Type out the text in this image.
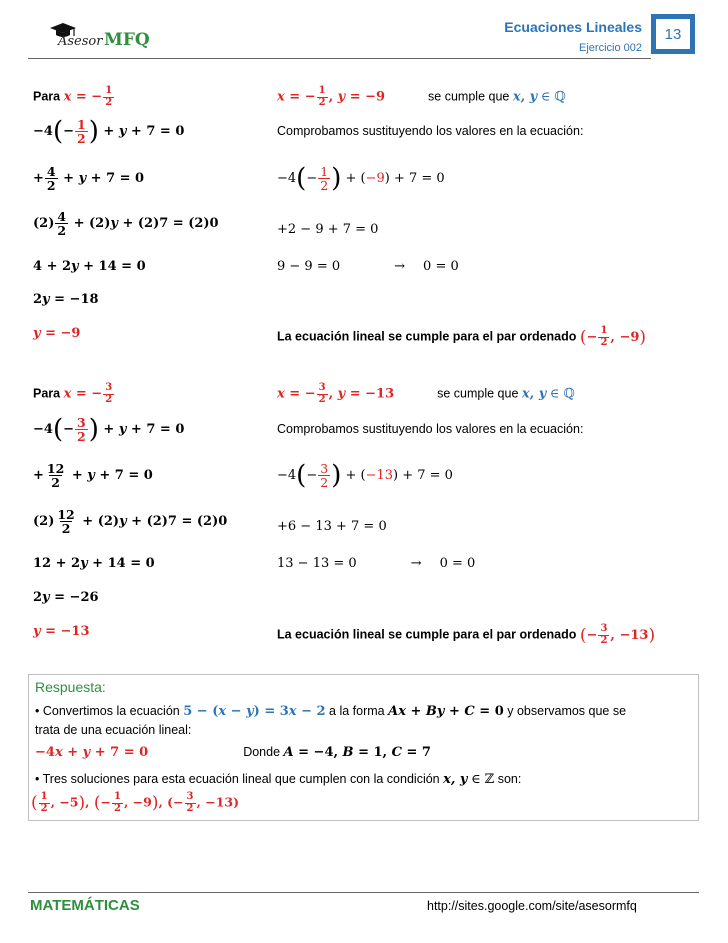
Asesor MFQ
Ecuaciones Lineales
Ejercicio 002
13
Para x = − $\frac{1}{2}$
$-4(- \frac{1}{2}$ ) + y + 7 = 0
+ $\frac{4}{2} + y + 7 = 0$
$(2) \frac{4}{2} + (2)y + (2)7 = (2)0$
4 + 2y + 14 = 0
2y = −18
y = −9
x = − $\frac{1}{2}$ , y = −9	se cumple que x, y ∈ ℚ
Comprobamos sustituyendo los valores en la ecuación:
$-4(- \frac{1}{2}$ ) + (−9) + 7 = 0
+2 − 9 + 7 = 0
9 − 9 = 0	→ 0 = 0
La ecuación lineal se cumple para el par ordenado (− $\frac{1}{2}$ , −9)
Para x = − $\frac{3}{2}$
$-4(- \frac{3}{2}$ ) + y + 7 = 0
+ $\frac{12}{2} + y + 7 = 0$
$(2) \frac{12}{2} + (2)y + (2)7 = (2)0$
12 + 2y + 14 = 0
2y = −26
y = −13
x = − $\frac{3}{2}$ , y = −13	se cumple que x, y ∈ ℚ
Comprobamos sustituyendo los valores en la ecuación:
$-4(- \frac{3}{2}$ ) + (−13) + 7 = 0
+6 − 13 + 7 = 0
13 − 13 = 0	→ 0 = 0
La ecuación lineal se cumple para el par ordenado (− $\frac{3}{2}$ , −13)
Respuesta:
• Convertimos la ecuación 5 − (x − y) = 3x − 2 a la forma Ax + By + C = 0 y observamos que se
trata de una ecuación lineal:
−4x + y + 7 = 0	Donde A = −4, B = 1, C = 7
• Tres soluciones para esta ecuación lineal que cumplen con la condición x, y ∈ ℤ son:
( $\frac{1}{2}$ , −5), (− $\frac{1}{2}$ , −9), (− $\frac{3}{2}$ , −13)
MATEMÁTICAS	http://sites.google.com/site/asesormfq
